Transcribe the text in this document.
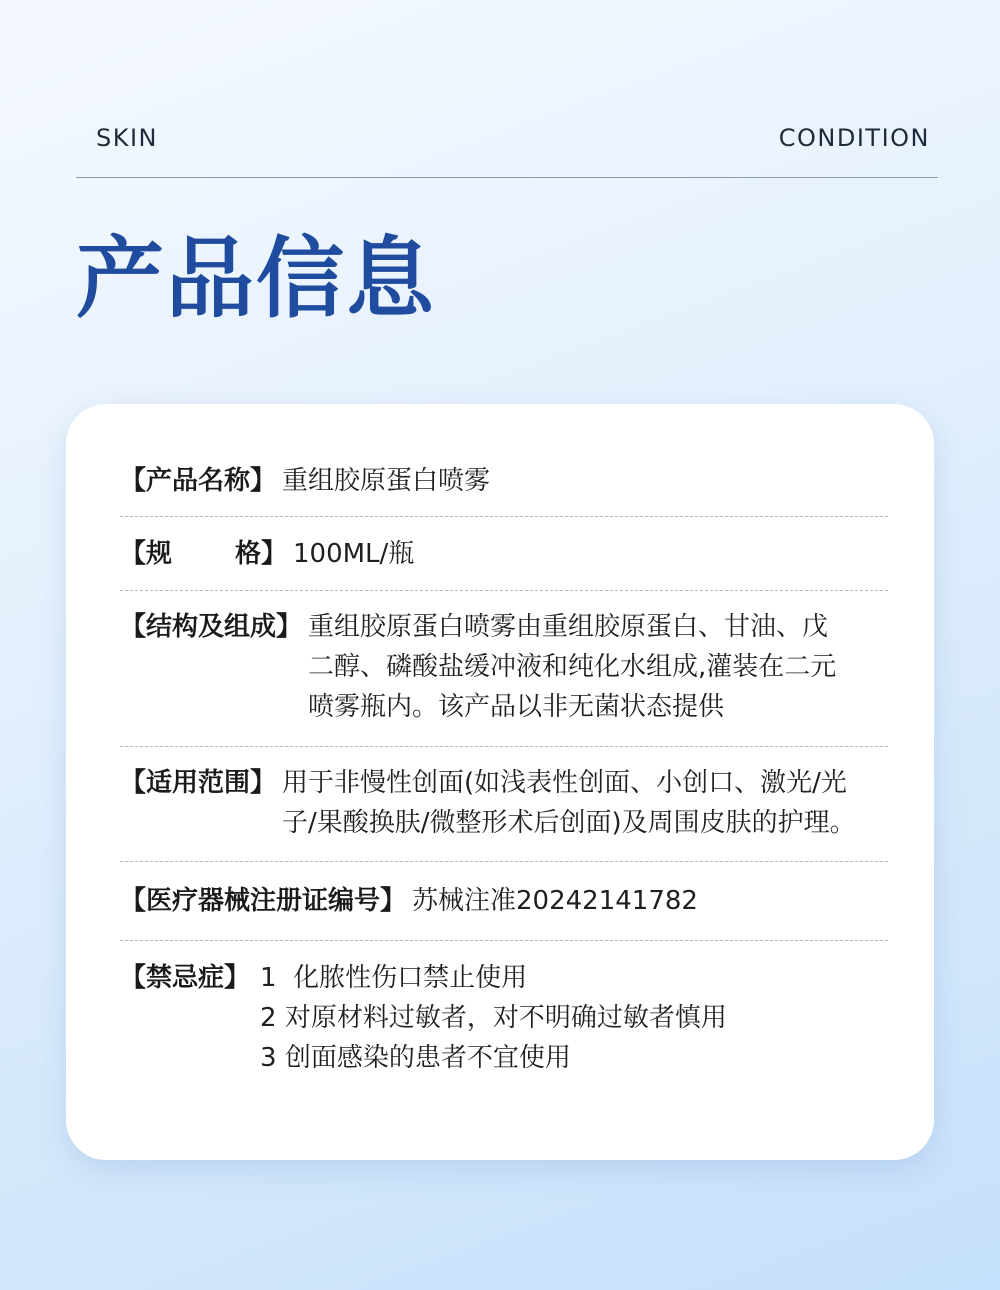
SKIN	CONDITION
产品信息
【产品名称】 重组胶原蛋白喷雾
【规 格】 100ML/瓶
【结构及组成】 重组胶原蛋白喷雾由重组胶原蛋白、甘油、戊
二醇、磷酸盐缓冲液和纯化水组成,灌装在二元
喷雾瓶内。该产品以非无菌状态提供
【适用范围】 用于非慢性创面(如浅表性创面、小创口、激光/光
子/果酸换肤/微整形术后创面)及周围皮肤的护理。
【医疗器械注册证编号】 苏械注准20242141782
【禁忌症】 1  化脓性伤口禁止使用
2 对原材料过敏者，对不明确过敏者慎用
3 创面感染的患者不宜使用
